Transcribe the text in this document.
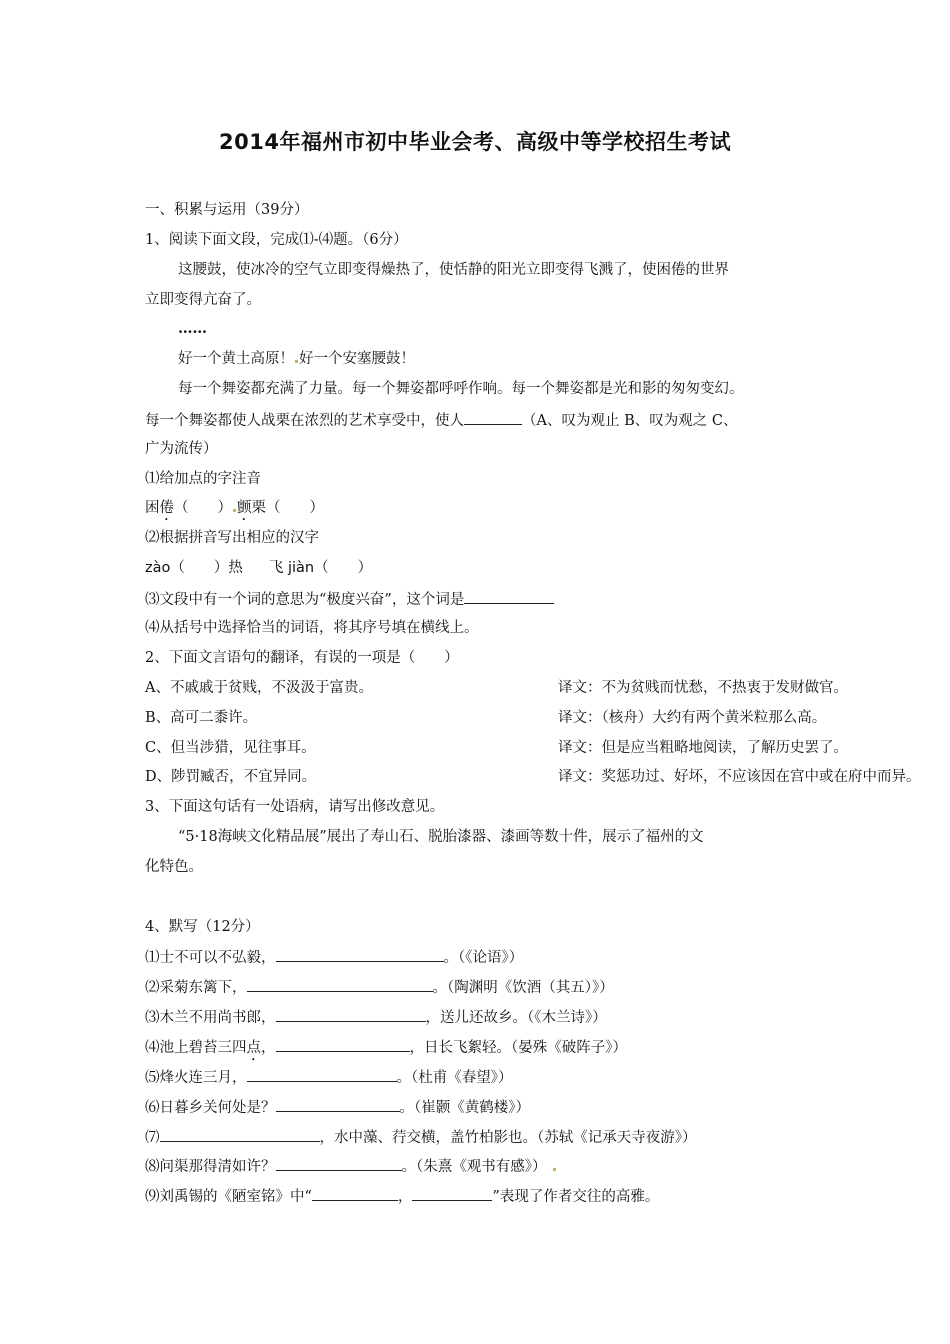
2014年福州市初中毕业会考、高级中等学校招生考试
一、积累与运用（39分）
1、阅读下面文段，完成⑴-⑷题。（6分）
这腰鼓，使冰冷的空气立即变得燥热了，使恬静的阳光立即变得飞溅了，使困倦的世界
立即变得亢奋了。
……
好一个黄土高原！ 好一个安塞腰鼓！
每一个舞姿都充满了力量。每一个舞姿都呼呼作响。每一个舞姿都是光和影的匆匆变幻。
每一个舞姿都使人战栗在浓烈的艺术享受中，使人	（A、叹为观止 B、叹为观之 C、
广为流传）
⑴给加点的字注音
困倦（　　） 颤栗（　　）
⑵根据拼音写出相应的汉字
zào（　　）热 飞 jiàn（　　）
⑶文段中有一个词的意思为“极度兴奋”，这个词是
⑷从括号中选择恰当的词语，将其序号填在横线上。
2、下面文言语句的翻译，有误的一项是（　　）
A、不戚戚于贫贱，不汲汲于富贵。	译文：不为贫贱而忧愁，不热衷于发财做官。
B、高可二黍许。	译文：（核舟）大约有两个黄米粒那么高。
C、但当涉猎，见往事耳。	译文：但是应当粗略地阅读，了解历史罢了。
D、陟罚臧否，不宜异同。	译文：奖惩功过、好坏，不应该因在宫中或在府中而异。
3、下面这句话有一处语病，请写出修改意见。
“5·18海峡文化精品展”展出了寿山石、脱胎漆器、漆画等数十件，展示了福州的文
化特色。
4、默写（12分）
⑴士不可以不弘毅，	。（《论语》）
⑵采菊东篱下，	。（陶渊明《饮酒（其五）》）
⑶木兰不用尚书郎，	，送儿还故乡。（《木兰诗》）
⑷池上碧苔三四点，	，日长飞絮轻。（晏殊《破阵子》）
⑸烽火连三月，	。（杜甫《春望》）
⑹日暮乡关何处是？	。（崔颢《黄鹤楼》）
⑺	，水中藻、荇交横，盖竹柏影也。（苏轼《记承天寺夜游》）
⑻问渠那得清如许？	。（朱熹《观书有感》）
⑼刘禹锡的《陋室铭》中“	，	”表现了作者交往的高雅。
